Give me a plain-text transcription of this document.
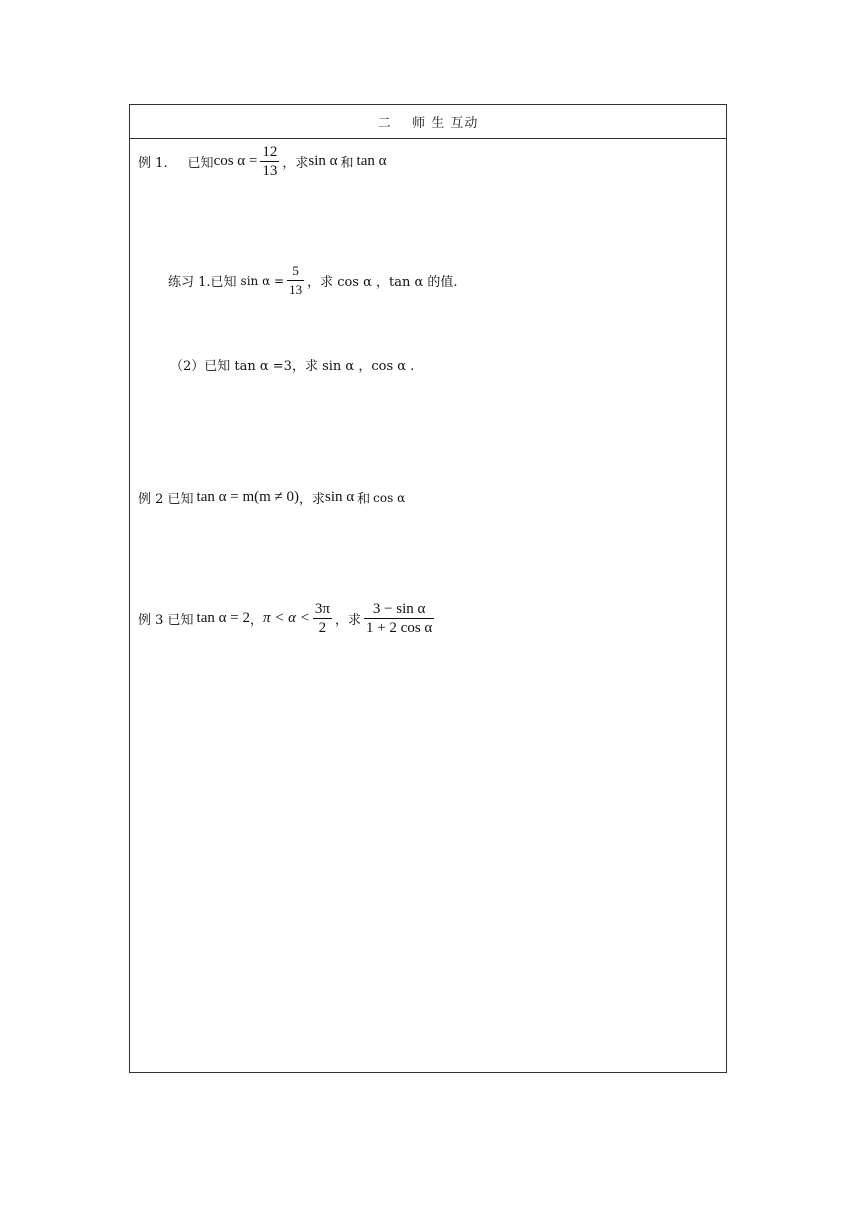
二    师 生 互动
例 1. 已知 $\cos \alpha = \frac{12}{13}$ ，求 sin α 和 tan α
练习 1.已知 $\sin \alpha = \frac{5}{13}$ ，求 cos α ，tan α 的值.
（2）已知 tan α =3，求 sin α ，cos α .
例 2 已知 tan α = m(m ≠ 0) ，求 sin α 和 cos α
例 3 已知 tan α = 2 ， $\pi < \alpha < \frac{3\pi}{2}$ ，求 $\frac{\text{3 − sin α}}{\text{1 + 2 cos α}}$
